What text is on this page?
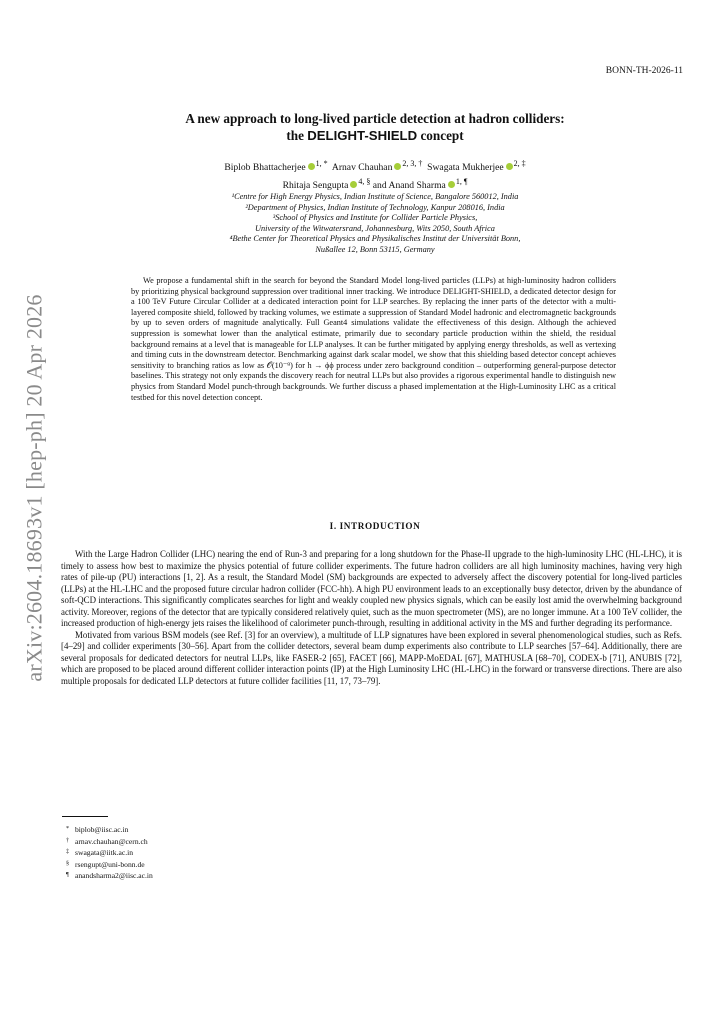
arXiv:2604.18693v1 [hep-ph] 20 Apr 2026
BONN-TH-2026-11
A new approach to long-lived particle detection at hadron colliders:
the DELIGHT-SHIELD concept
Biplob Bhattacherjee $^{1, *}$ Arnav Chauhan $^{2, 3, \dagger}$ Swagata Mukherjee $^{2, \ddagger}$
Rhitaja Sengupta $^{4, \S}$ and Anand Sharma $^{1, \P}$
¹Centre for High Energy Physics, Indian Institute of Science, Bangalore 560012, India
²Department of Physics, Indian Institute of Technology, Kanpur 208016, India
³School of Physics and Institute for Collider Particle Physics,
University of the Witwatersrand, Johannesburg, Wits 2050, South Africa
⁴Bethe Center for Theoretical Physics and Physikalisches Institut der Universität Bonn,
Nußallee 12, Bonn 53115, Germany

We propose a fundamental shift in the search for beyond the Standard Model long-lived particles (LLPs) at high-luminosity hadron colliders by prioritizing physical background suppression over traditional inner tracking. We introduce DELIGHT-SHIELD, a dedicated detector design for a 100 TeV Future Circular Collider at a dedicated interaction point for LLP searches. By replacing the inner parts of the detector with a multi-layered composite shield, followed by tracking volumes, we estimate a suppression of Standard Model hadronic and electromagnetic backgrounds by up to seven orders of magnitude analytically. Full Geant4 simulations validate the effectiveness of this design. Although the achieved suppression is somewhat lower than the analytical estimate, primarily due to secondary particle production within the shield, the residual background remains at a level that is manageable for LLP analyses. It can be further mitigated by applying energy thresholds, as well as vertexing and timing cuts in the downstream detector. Benchmarking against dark scalar model, we show that this shielding based detector concept achieves sensitivity to branching ratios as low as 𝒪(10⁻⁹) for h → ϕϕ process under zero background condition – outperforming general-purpose detector baselines. This strategy not only expands the discovery reach for neutral LLPs but also provides a rigorous experimental handle to distinguish new physics from Standard Model punch-through backgrounds. We further discuss a phased implementation at the High-Luminosity LHC as a critical testbed for this novel detection concept.

I. INTRODUCTION

With the Large Hadron Collider (LHC) nearing the end of Run-3 and preparing for a long shutdown for the Phase-II upgrade to the high-luminosity LHC (HL-LHC), it is timely to assess how best to maximize the physics potential of future collider experiments. The future hadron colliders are all high luminosity machines, having very high rates of pile-up (PU) interactions [1, 2]. As a result, the Standard Model (SM) backgrounds are expected to adversely affect the discovery potential for long-lived particles (LLPs) at the HL-LHC and the proposed future circular hadron collider (FCC-hh). A high PU environment leads to an exceptionally busy detector, driven by the abundance of soft-QCD interactions. This significantly complicates searches for light and weakly coupled new physics signals, which can be easily lost amid the overwhelming background activity. Moreover, regions of the detector that are typically considered relatively quiet, such as the muon spectrometer (MS), are no longer immune. At a 100 TeV collider, the increased production of high-energy jets raises the likelihood of calorimeter punch-through, resulting in additional activity in the MS and further degrading its performance.

Motivated from various BSM models (see Ref. [3] for an overview), a multitude of LLP signatures have been explored in several phenomenological studies, such as Refs. [4–29] and collider experiments [30–56]. Apart from the collider detectors, several beam dump experiments also contribute to LLP searches [57–64]. Additionally, there are several proposals for dedicated detectors for neutral LLPs, like FASER-2 [65], FACET [66], MAPP-MoEDAL [67], MATHUSLA [68–70], CODEX-b [71], ANUBIS [72], which are proposed to be placed around different collider interaction points (IP) at the High Luminosity LHC (HL-LHC) in the forward or transverse directions. There are also multiple proposals for dedicated LLP detectors at future collider facilities [11, 17, 73–79].

* biplob@iisc.ac.in
† arnav.chauhan@cern.ch
‡ swagata@iitk.ac.in
§ rsengupt@uni-bonn.de
¶ anandsharma2@iisc.ac.in
